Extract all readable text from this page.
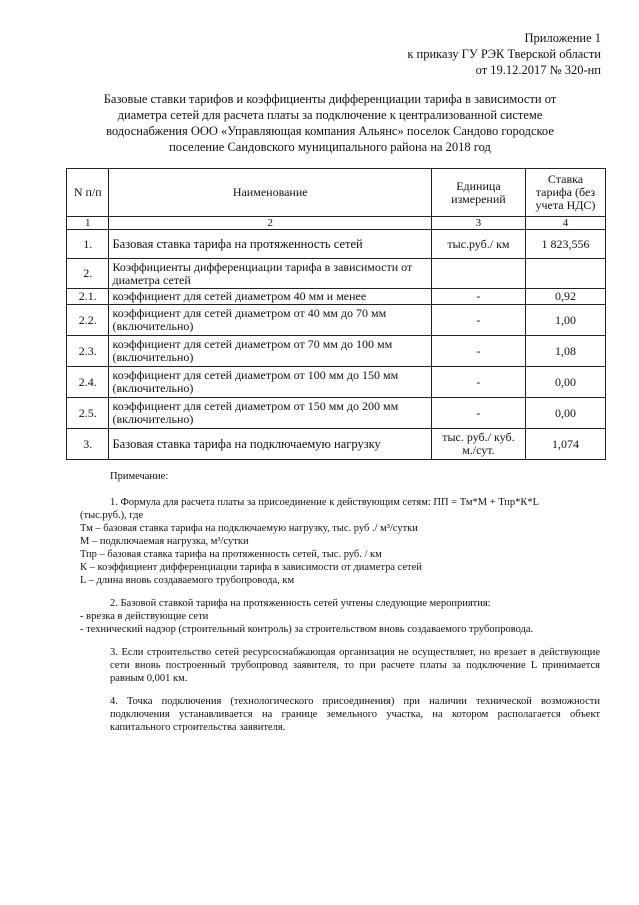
Приложение 1
к приказу ГУ РЭК Тверской области
от 19.12.2017 № 320-нп
Базовые ставки тарифов и коэффициенты дифференциации тарифа в зависимости от
диаметра сетей для расчета платы за подключение к централизованной системе
водоснабжения ООО «Управляющая компания Альянс» поселок Сандово городское
поселение Сандовского муниципального района на 2018 год
N п/п	Наименование	Единица измерений	Ставка тарифа (без учета НДС)
1	2	3	4
1.	Базовая ставка тарифа на протяженность сетей	тыс.руб./ км	1 823,556
2.	Коэффициенты дифференциации тарифа в зависимости от диаметра сетей		
2.1.	коэффициент для сетей диаметром 40 мм и менее	-	0,92
2.2.	коэффициент для сетей диаметром от 40 мм до 70 мм (включительно)	-	1,00
2.3.	коэффициент для сетей диаметром от 70 мм до 100 мм (включительно)	-	1,08
2.4.	коэффициент для сетей диаметром от 100 мм до 150 мм (включительно)	-	0,00
2.5.	коэффициент для сетей диаметром от 150 мм до 200 мм (включительно)	-	0,00
3.	Базовая ставка тарифа на подключаемую нагрузку	тыс. руб./ куб. м./сут.	1,074

Примечание:

1. Формула для расчета платы за присоединение к действующим сетям: ПП = Тм*М + Тпр*К*L

(тыс.руб.), где

Тм – базовая ставка тарифа на подключаемую нагрузку, тыс. руб ./ м³/сутки

М – подключаемая нагрузка, м³/сутки

Тпр – базовая ставка тарифа на протяженность сетей, тыс. руб. / км

К – коэффициент дифференциации тарифа в зависимости от диаметра сетей

L – длина вновь создаваемого трубопровода, км

2. Базовой ставкой тарифа на протяженность сетей учтены следующие мероприятия:

- врезка в действующие сети

- технический надзор (строительный контроль) за строительством вновь создаваемого трубопровода.

3. Если строительство сетей ресурсоснабжающая организация не осуществляет, но врезает в действующие сети вновь построенный трубопровод заявителя, то при расчете платы за подключение L принимается равным 0,001 км.

4. Точка подключения (технологического присоединения) при наличии технической возможности подключения устанавливается на границе земельного участка, на котором располагается объект капитального строительства заявителя.
